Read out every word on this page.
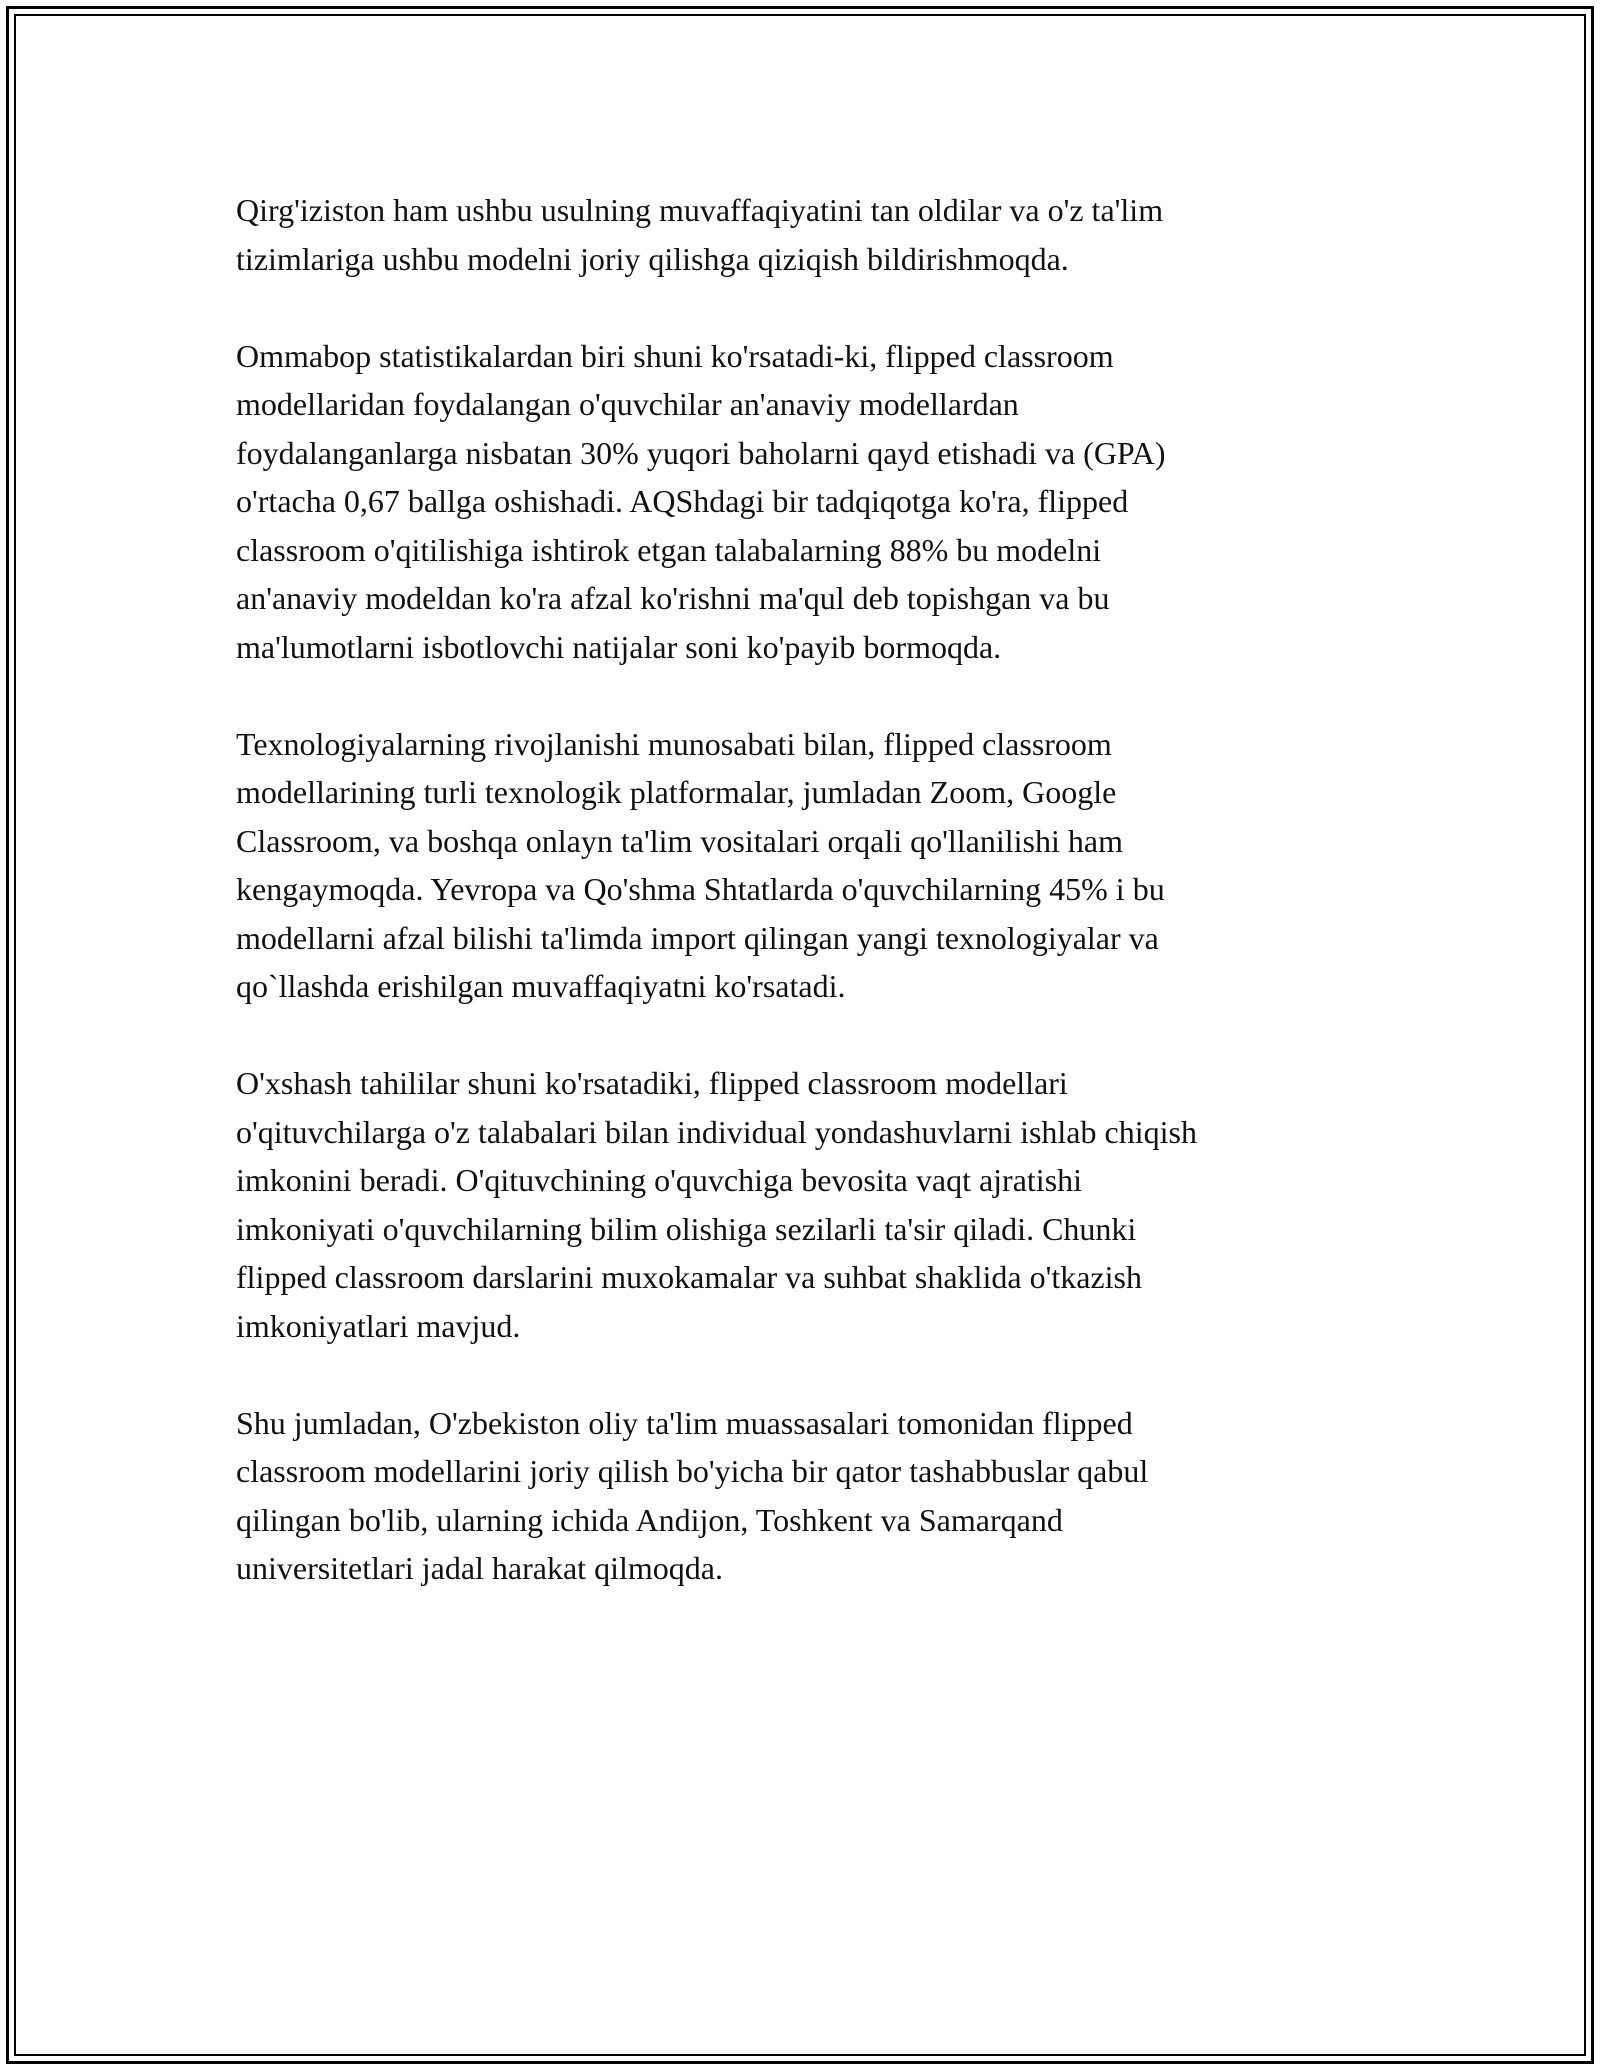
Qirg'iziston ham ushbu usulning muvaffaqiyatini tan oldilar va o'z ta'lim
tizimlariga ushbu modelni joriy qilishga qiziqish bildirishmoqda.

Ommabop statistikalardan biri shuni ko'rsatadi-ki, flipped classroom
modellaridan foydalangan o'quvchilar an'anaviy modellardan
foydalanganlarga nisbatan 30% yuqori baholarni qayd etishadi va (GPA)
o'rtacha 0,67 ballga oshishadi. AQShdagi bir tadqiqotga ko'ra, flipped
classroom o'qitilishiga ishtirok etgan talabalarning 88% bu modelni
an'anaviy modeldan ko'ra afzal ko'rishni ma'qul deb topishgan va bu
ma'lumotlarni isbotlovchi natijalar soni ko'payib bormoqda.

Texnologiyalarning rivojlanishi munosabati bilan, flipped classroom
modellarining turli texnologik platformalar, jumladan Zoom, Google
Classroom, va boshqa onlayn ta'lim vositalari orqali qo'llanilishi ham
kengaymoqda. Yevropa va Qo'shma Shtatlarda o'quvchilarning 45% i bu
modellarni afzal bilishi ta'limda import qilingan yangi texnologiyalar va
qo`llashda erishilgan muvaffaqiyatni ko'rsatadi.

O'xshash tahililar shuni ko'rsatadiki, flipped classroom modellari
o'qituvchilarga o'z talabalari bilan individual yondashuvlarni ishlab chiqish
imkonini beradi. O'qituvchining o'quvchiga bevosita vaqt ajratishi
imkoniyati o'quvchilarning bilim olishiga sezilarli ta'sir qiladi. Chunki
flipped classroom darslarini muxokamalar va suhbat shaklida o'tkazish
imkoniyatlari mavjud.

Shu jumladan, O'zbekiston oliy ta'lim muassasalari tomonidan flipped
classroom modellarini joriy qilish bo'yicha bir qator tashabbuslar qabul
qilingan bo'lib, ularning ichida Andijon, Toshkent va Samarqand
universitetlari jadal harakat qilmoqda.
